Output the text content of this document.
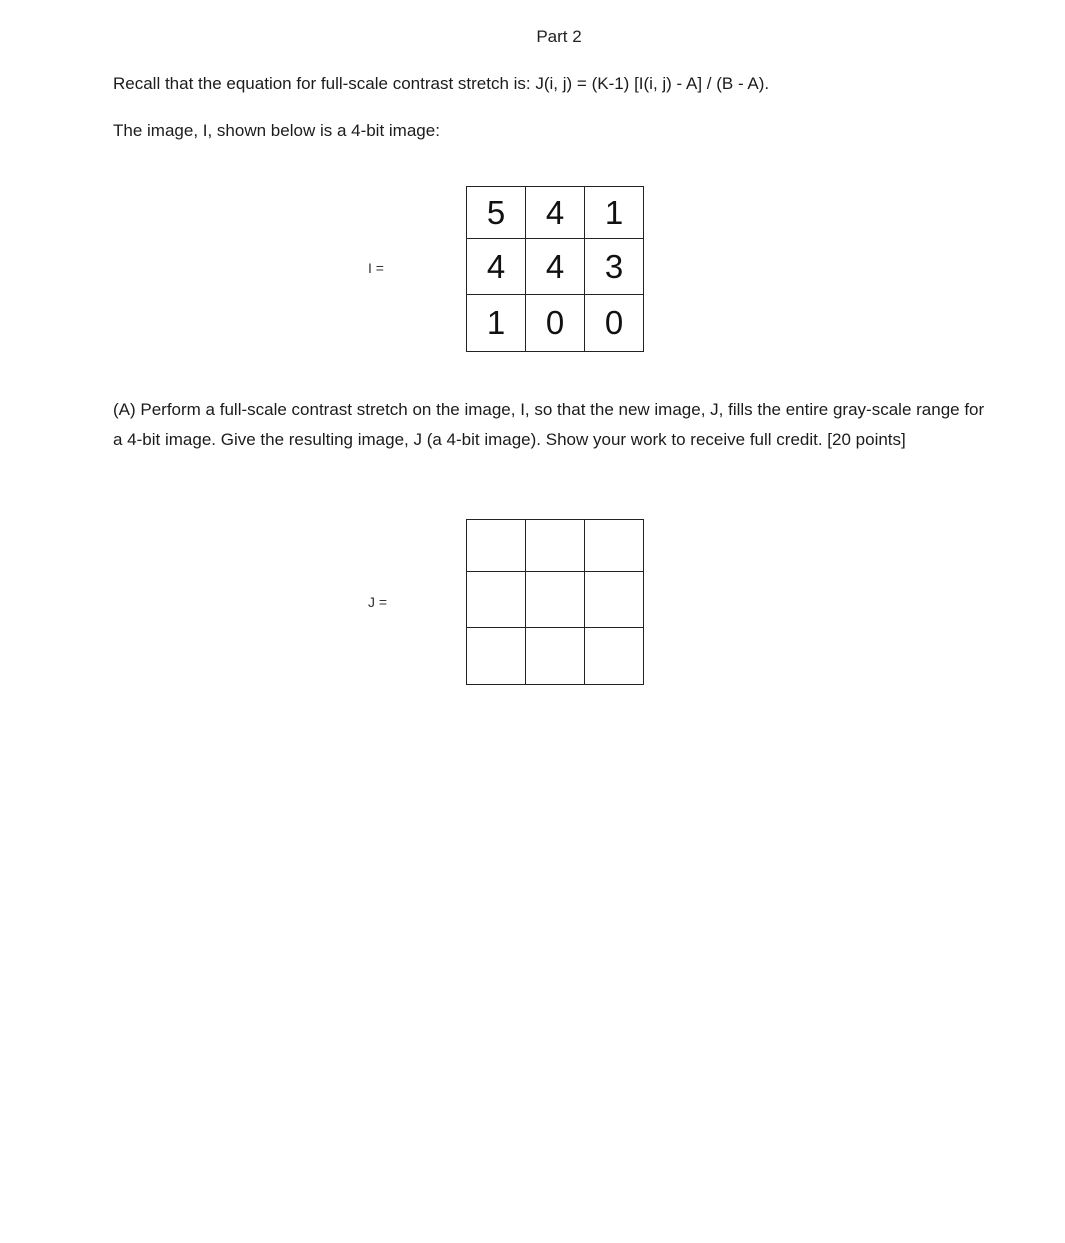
Part 2
Recall that the equation for full-scale contrast stretch is: J(i, j) = (K-1) [I(i, j) - A] / (B - A).
The image, I, shown below is a 4-bit image:
I =
5	4	1
4	4	3
1	0	0
(A) Perform a full-scale contrast stretch on the image, I, so that the new image, J, fills the entire gray-scale range for a 4-bit image. Give the resulting image, J (a 4-bit image). Show your work to receive full credit. [20 points]
J =
